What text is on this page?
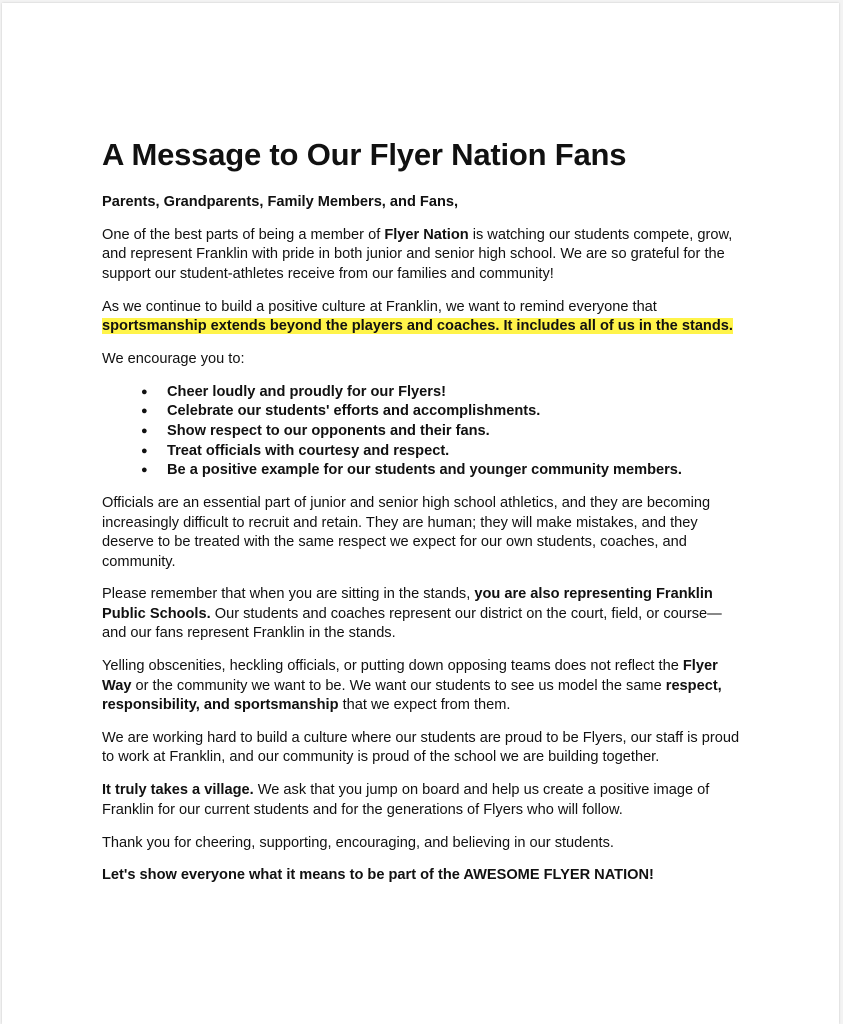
A Message to Our Flyer Nation Fans

Parents, Grandparents, Family Members, and Fans,

One of the best parts of being a member of Flyer Nation is watching our students compete, grow, and represent Franklin with pride in both junior and senior high school. We are so grateful for the support our student-athletes receive from our families and community!

As we continue to build a positive culture at Franklin, we want to remind everyone that sportsmanship extends beyond the players and coaches. It includes all of us in the stands.

We encourage you to:

● Cheer loudly and proudly for our Flyers!
● Celebrate our students' efforts and accomplishments.
● Show respect to our opponents and their fans.
● Treat officials with courtesy and respect.
● Be a positive example for our students and younger community members.

Officials are an essential part of junior and senior high school athletics, and they are becoming increasingly difficult to recruit and retain. They are human; they will make mistakes, and they deserve to be treated with the same respect we expect for our own students, coaches, and community.

Please remember that when you are sitting in the stands, you are also representing Franklin Public Schools. Our students and coaches represent our district on the court, field, or course—and our fans represent Franklin in the stands.

Yelling obscenities, heckling officials, or putting down opposing teams does not reflect the Flyer Way or the community we want to be. We want our students to see us model the same respect, responsibility, and sportsmanship that we expect from them.

We are working hard to build a culture where our students are proud to be Flyers, our staff is proud to work at Franklin, and our community is proud of the school we are building together.

It truly takes a village. We ask that you jump on board and help us create a positive image of Franklin for our current students and for the generations of Flyers who will follow.

Thank you for cheering, supporting, encouraging, and believing in our students.

Let's show everyone what it means to be part of the AWESOME FLYER NATION!
